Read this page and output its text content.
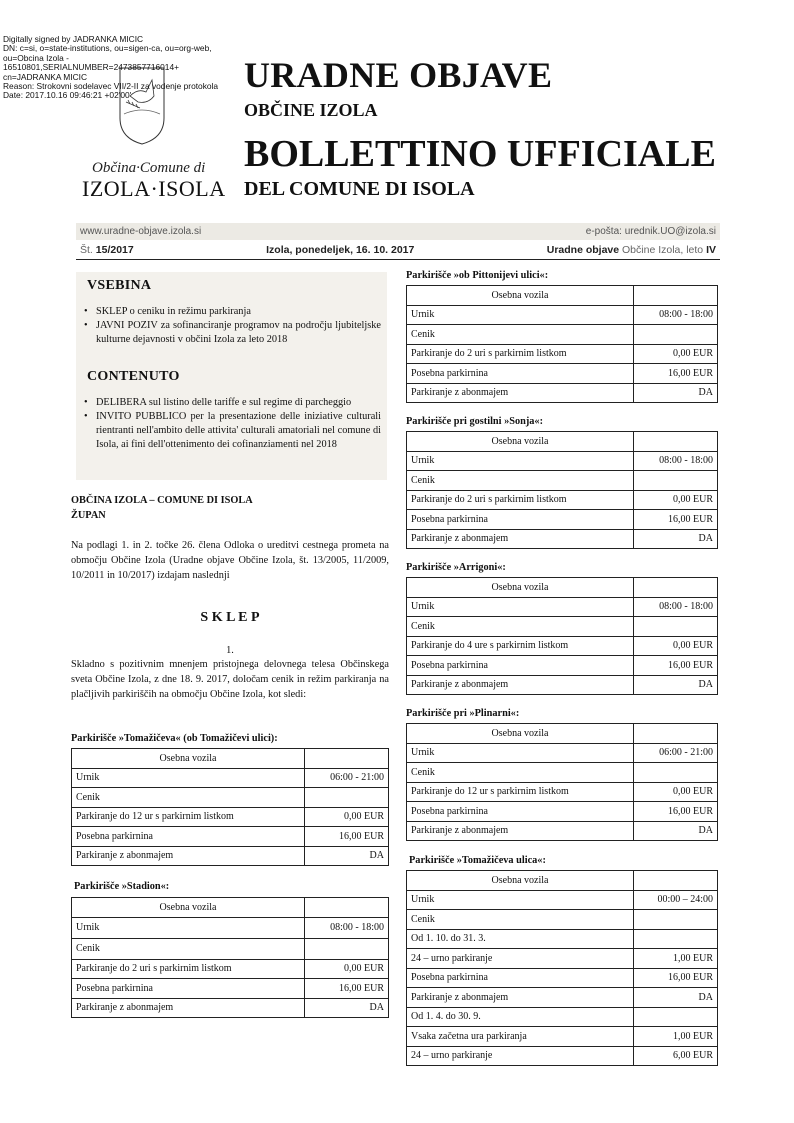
Digitally signed by JADRANKA MICIC
DN: c=si, o=state-institutions, ou=sigen-ca, ou=org-web,
ou=Obcina Izola -
16510801,SERIALNUMBER=2473857716014+
cn=JADRANKA MICIC
Reason: Strokovni sodelavec VII/2-II za vodenje protokola
Date: 2017.10.16 09:46:21 +02'00'
Občina·Comune di
IZOLA·ISOLA
URADNE OBJAVE
OBČINE IZOLA
BOLLETTINO UFFICIALE
DEL COMUNE DI ISOLA
www.uradne-objave.izola.si	e-pošta: urednik.UO@izola.si
Št. 15/2017	Izola, ponedeljek, 16. 10. 2017	Uradne objave Občine Izola, leto IV
VSEBINA
• SKLEP o ceniku in režimu parkiranja
• JAVNI POZIV za sofinanciranje programov na področju ljubiteljske kulturne dejavnosti v občini Izola za leto 2018
CONTENUTO
• DELIBERA sul listino delle tariffe e sul regime di parcheggio
• INVITO PUBBLICO per la presentazione delle iniziative culturali rientranti nell'ambito delle attivita' culturali amatoriali nel comune di Isola, ai fini dell'ottenimento dei cofinanziamenti nel 2018
OBČINA IZOLA – COMUNE DI ISOLA
ŽUPAN
Na podlagi 1. in 2. točke 26. člena Odloka o ureditvi cestnega prometa na območju Občine Izola (Uradne objave Občine Izola, št. 13/2005, 11/2009, 10/2011 in 10/2017) izdajam naslednji
S K L E P
1.
Skladno s pozitivnim mnenjem pristojnega delovnega telesa Občinskega sveta Občine Izola, z dne 18. 9. 2017, določam cenik in režim parkiranja na plačljivih parkiriščih na območju Občine Izola, kot sledi:
Parkirišče »Tomažičeva« (ob Tomažičevi ulici):
Osebna vozila	
Urnik	06:00 - 21:00
Cenik	
Parkiranje do 12 ur s parkirnim listkom	0,00 EUR
Posebna parkirnina	16,00 EUR
Parkiranje z abonmajem	DA
Parkirišče »Stadion«:
Osebna vozila	
Urnik	08:00 - 18:00
Cenik	
Parkiranje do 2 uri s parkirnim listkom	0,00 EUR
Posebna parkirnina	16,00 EUR
Parkiranje z abonmajem	DA
Parkirišče »ob Pittonijevi ulici«:
Osebna vozila	
Urnik	08:00 - 18:00
Cenik	
Parkiranje do 2 uri s parkirnim listkom	0,00 EUR
Posebna parkirnina	16,00 EUR
Parkiranje z abonmajem	DA
Parkirišče pri gostilni »Sonja«:
Osebna vozila	
Urnik	08:00 - 18:00
Cenik	
Parkiranje do 2 uri s parkirnim listkom	0,00 EUR
Posebna parkirnina	16,00 EUR
Parkiranje z abonmajem	DA
Parkirišče »Arrigoni«:
Osebna vozila	
Urnik	08:00 - 18:00
Cenik	
Parkiranje do 4 ure s parkirnim listkom	0,00 EUR
Posebna parkirnina	16,00 EUR
Parkiranje z abonmajem	DA
Parkirišče pri »Plinarni«:
Osebna vozila	
Urnik	06:00 - 21:00
Cenik	
Parkiranje do 12 ur s parkirnim listkom	0,00 EUR
Posebna parkirnina	16,00 EUR
Parkiranje z abonmajem	DA
Parkirišče »Tomažičeva ulica«:
Osebna vozila	
Urnik	00:00 – 24:00
Cenik	
Od 1. 10. do 31. 3.	
24 – urno parkiranje	1,00 EUR
Posebna parkirnina	16,00 EUR
Parkiranje z abonmajem	DA
Od 1. 4. do 30. 9.	
Vsaka začetna ura parkiranja	1,00 EUR
24 – urno parkiranje	6,00 EUR
